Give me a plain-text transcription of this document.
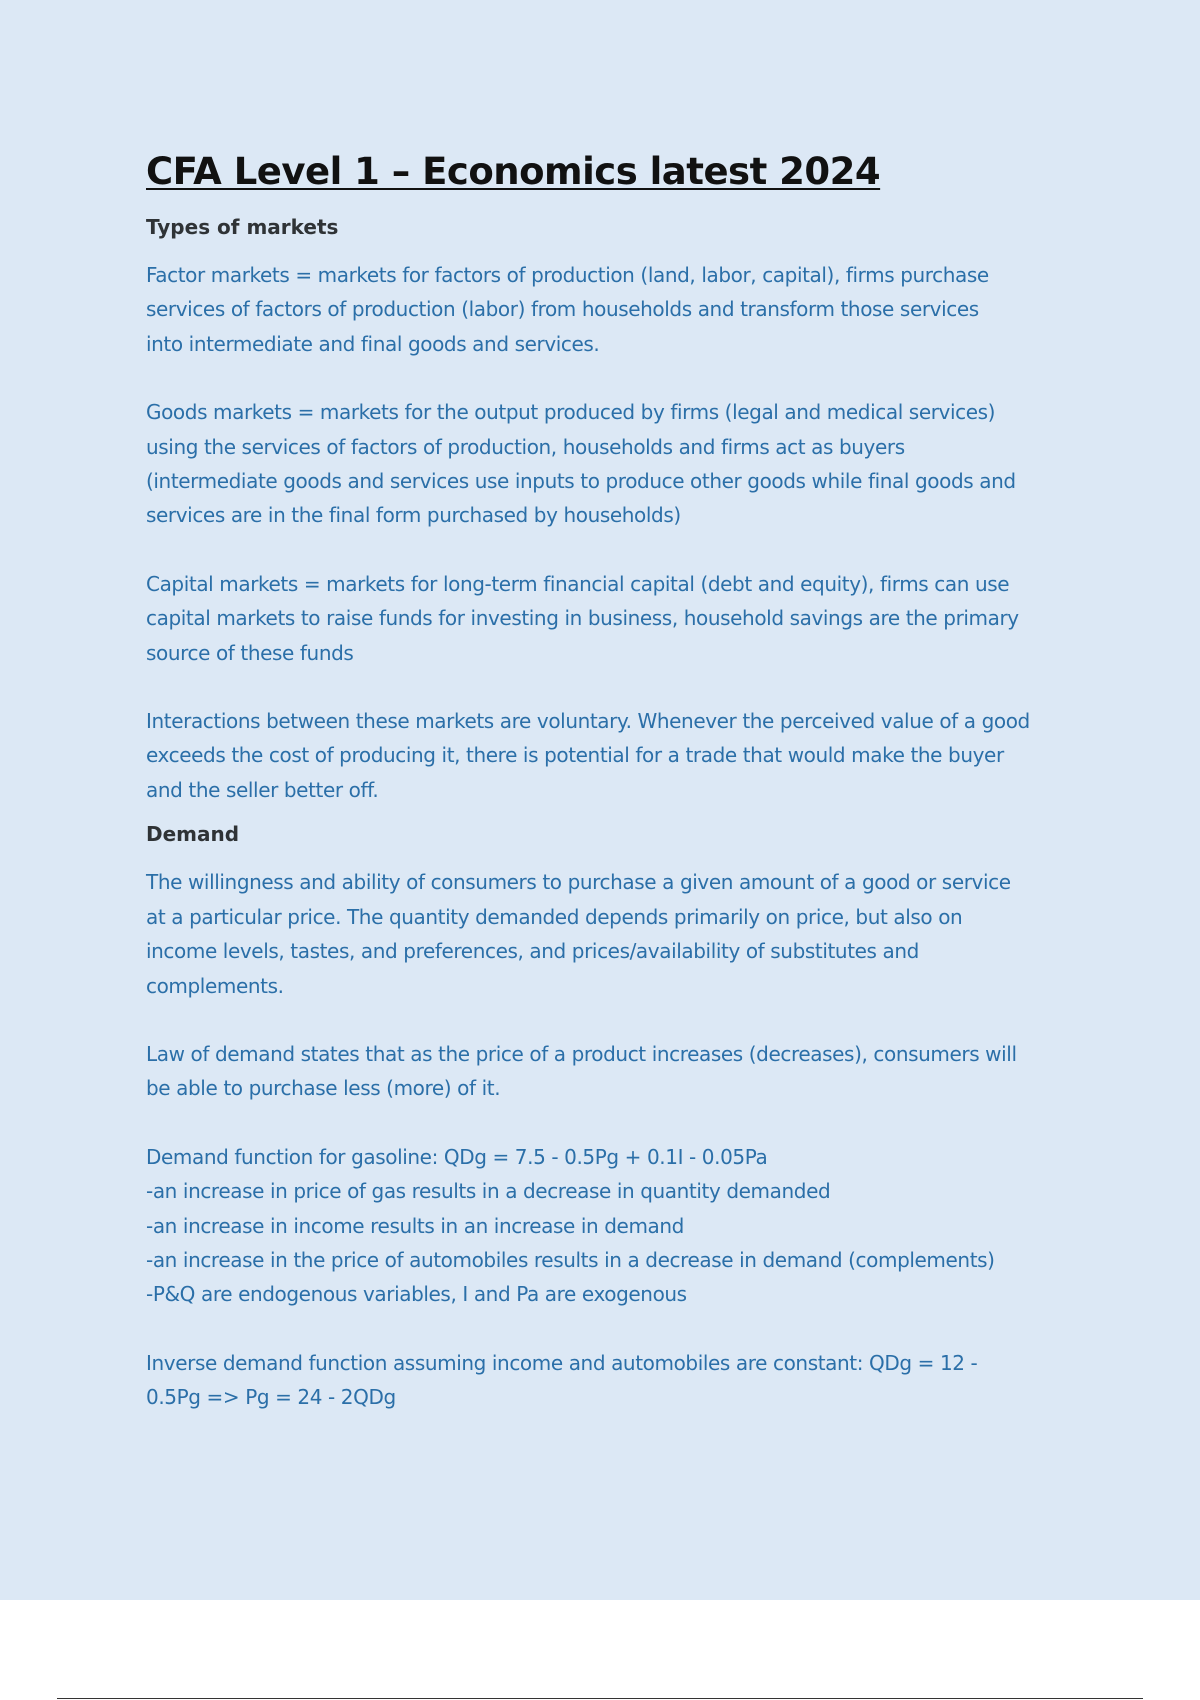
CFA Level 1 – Economics latest 2024
Types of markets

Factor markets = markets for factors of production (land, labor, capital), firms purchase
services of factors of production (labor) from households and transform those services
into intermediate and final goods and services.

Goods markets = markets for the output produced by firms (legal and medical services)
using the services of factors of production, households and firms act as buyers
(intermediate goods and services use inputs to produce other goods while final goods and
services are in the final form purchased by households)

Capital markets = markets for long-term financial capital (debt and equity), firms can use
capital markets to raise funds for investing in business, household savings are the primary
source of these funds

Interactions between these markets are voluntary. Whenever the perceived value of a good
exceeds the cost of producing it, there is potential for a trade that would make the buyer
and the seller better off.

Demand

The willingness and ability of consumers to purchase a given amount of a good or service
at a particular price. The quantity demanded depends primarily on price, but also on
income levels, tastes, and preferences, and prices/availability of substitutes and
complements.

Law of demand states that as the price of a product increases (decreases), consumers will
be able to purchase less (more) of it.

Demand function for gasoline: QDg = 7.5 - 0.5Pg + 0.1I - 0.05Pa
-an increase in price of gas results in a decrease in quantity demanded
-an increase in income results in an increase in demand
-an increase in the price of automobiles results in a decrease in demand (complements)
-P&Q are endogenous variables, I and Pa are exogenous

Inverse demand function assuming income and automobiles are constant: QDg = 12 -
0.5Pg => Pg = 24 - 2QDg
